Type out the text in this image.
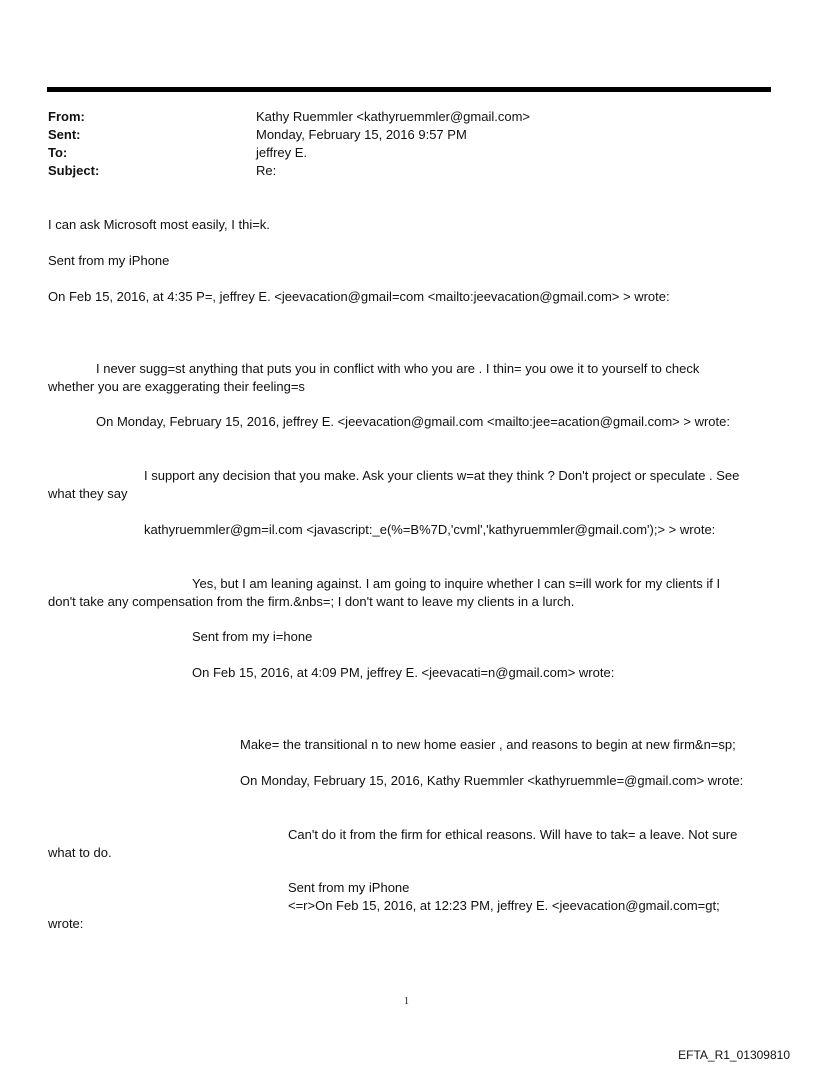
From:	Kathy Ruemmler <kathyruemmler@gmail.com>
Sent:	Monday, February 15, 2016 9:57 PM
To:	jeffrey E.
Subject:	Re:
I can ask Microsoft most easily, I thi=k.
Sent from my iPhone
On Feb 15, 2016, at 4:35 P=, jeffrey E. <jeevacation@gmail=com <mailto:jeevacation@gmail.com> > wrote:
I never sugg=st anything that puts you in conflict with who you are . I thin= you owe it to yourself to check
whether you are exaggerating their feeling=s
On Monday, February 15, 2016, jeffrey E. <jeevacation@gmail.com <mailto:jee=acation@gmail.com> > wrote:
I support any decision that you make. Ask your clients w=at they think ? Don't project or speculate . See
what they say
kathyruemmler@gm=il.com <javascript:_e(%=B%7D,'cvml','kathyruemmler@gmail.com');> > wrote:
Yes, but I am leaning against. I am going to inquire whether I can s=ill work for my clients if I
don't take any compensation from the firm.&nbs=; I don't want to leave my clients in a lurch.
Sent from my i=hone
On Feb 15, 2016, at 4:09 PM, jeffrey E. <jeevacati=n@gmail.com> wrote:
Make= the transitional n to new home easier , and reasons to begin at new firm&n=sp;
On Monday, February 15, 2016, Kathy Ruemmler <kathyruemmle=@gmail.com> wrote:
Can't do it from the firm for ethical reasons. Will have to tak= a leave. Not sure
what to do.
Sent from my iPhone
<=r>On Feb 15, 2016, at 12:23 PM, jeffrey E. <jeevacation@gmail.com=gt;
wrote:
1
EFTA_R1_01309810
